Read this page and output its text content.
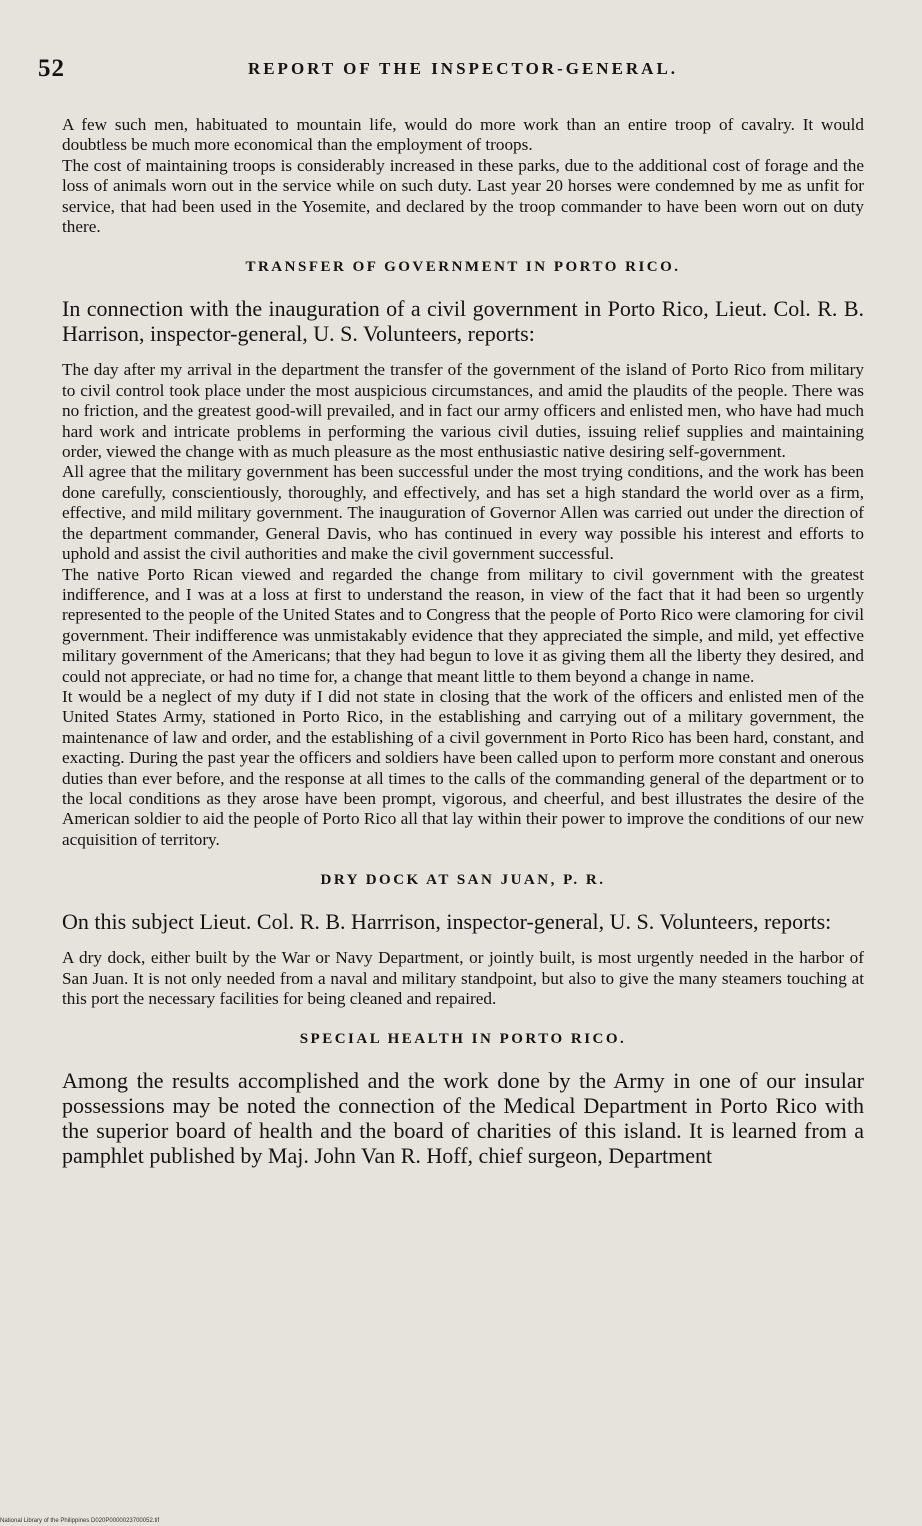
52	REPORT OF THE INSPECTOR-GENERAL.

A few such men, habituated to mountain life, would do more work than an entire troop of cavalry. It would doubtless be much more economical than the employment of troops.

The cost of maintaining troops is considerably increased in these parks, due to the additional cost of forage and the loss of animals worn out in the service while on such duty. Last year 20 horses were condemned by me as unfit for service, that had been used in the Yosemite, and declared by the troop commander to have been worn out on duty there.

TRANSFER OF GOVERNMENT IN PORTO RICO.

In connection with the inauguration of a civil government in Porto Rico, Lieut. Col. R. B. Harrison, inspector-general, U. S. Volunteers, reports:

The day after my arrival in the department the transfer of the government of the island of Porto Rico from military to civil control took place under the most auspicious circumstances, and amid the plaudits of the people. There was no friction, and the greatest good-will prevailed, and in fact our army officers and enlisted men, who have had much hard work and intricate problems in performing the various civil duties, issuing relief supplies and maintaining order, viewed the change with as much pleasure as the most enthusiastic native desiring self-government.

All agree that the military government has been successful under the most trying conditions, and the work has been done carefully, conscientiously, thoroughly, and effectively, and has set a high standard the world over as a firm, effective, and mild military government. The inauguration of Governor Allen was carried out under the direction of the department commander, General Davis, who has continued in every way possible his interest and efforts to uphold and assist the civil authorities and make the civil government successful.

The native Porto Rican viewed and regarded the change from military to civil government with the greatest indifference, and I was at a loss at first to understand the reason, in view of the fact that it had been so urgently represented to the people of the United States and to Congress that the people of Porto Rico were clamoring for civil government. Their indifference was unmistakably evidence that they appreciated the simple, and mild, yet effective military government of the Americans; that they had begun to love it as giving them all the liberty they desired, and could not appreciate, or had no time for, a change that meant little to them beyond a change in name.

It would be a neglect of my duty if I did not state in closing that the work of the officers and enlisted men of the United States Army, stationed in Porto Rico, in the establishing and carrying out of a military government, the maintenance of law and order, and the establishing of a civil government in Porto Rico has been hard, constant, and exacting. During the past year the officers and soldiers have been called upon to perform more constant and onerous duties than ever before, and the response at all times to the calls of the commanding general of the department or to the local conditions as they arose have been prompt, vigorous, and cheerful, and best illustrates the desire of the American soldier to aid the people of Porto Rico all that lay within their power to improve the conditions of our new acquisition of territory.

DRY DOCK AT SAN JUAN, P. R.

On this subject Lieut. Col. R. B. Harrrison, inspector-general, U. S. Volunteers, reports:

A dry dock, either built by the War or Navy Department, or jointly built, is most urgently needed in the harbor of San Juan. It is not only needed from a naval and military standpoint, but also to give the many steamers touching at this port the necessary facilities for being cleaned and repaired.

SPECIAL HEALTH IN PORTO RICO.

Among the results accomplished and the work done by the Army in one of our insular possessions may be noted the connection of the Medical Department in Porto Rico with the superior board of health and the board of charities of this island. It is learned from a pamphlet published by Maj. John Van R. Hoff, chief surgeon, Department

National Library of the Philippines D020P0000023700052.tif
